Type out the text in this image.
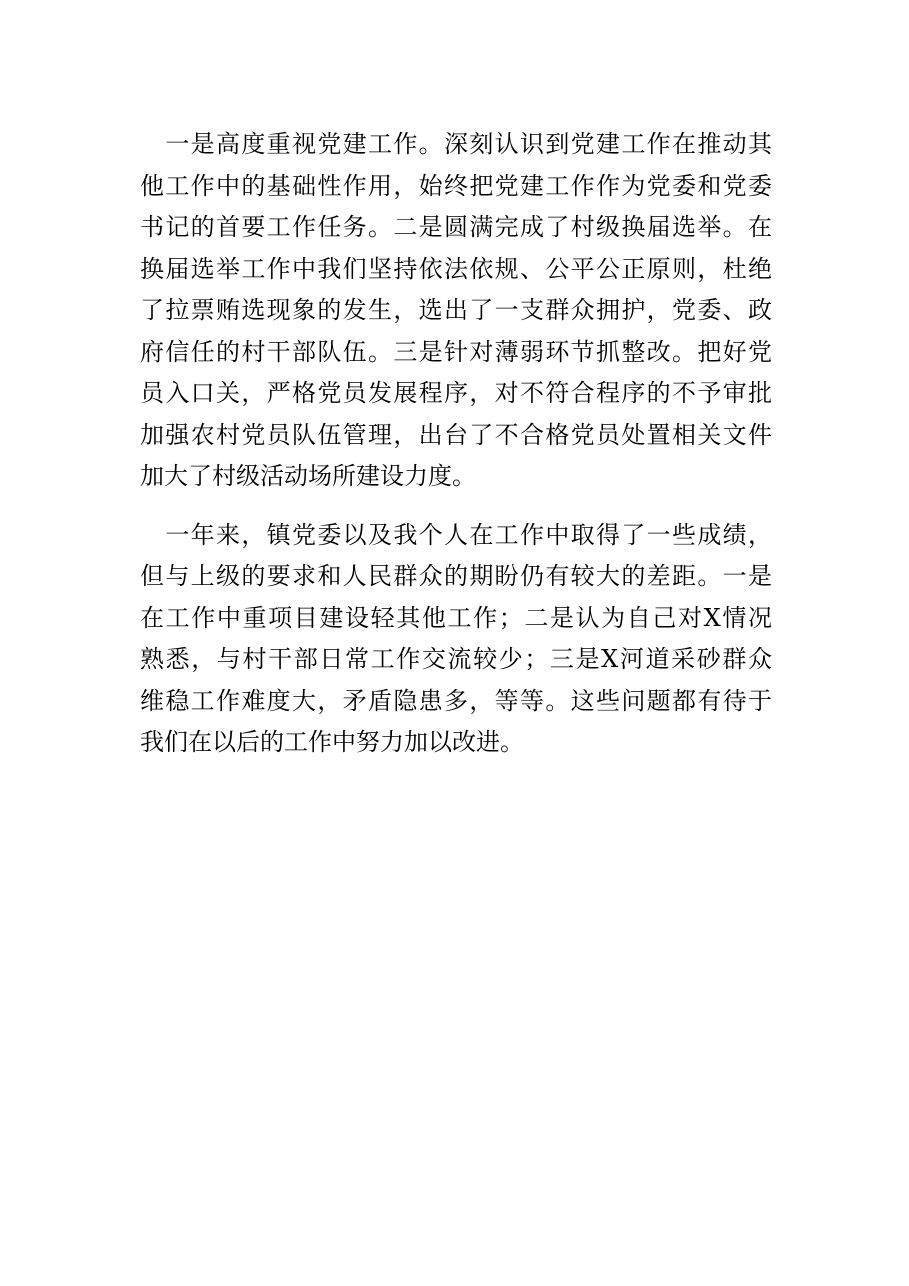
　一是高度重视党建工作。深刻认识到党建工作在推动其
他工作中的基础性作用，始终把党建工作作为党委和党委
书记的首要工作任务。二是圆满完成了村级换届选举。在
换届选举工作中我们坚持依法依规、公平公正原则，杜绝
了拉票贿选现象的发生，选出了一支群众拥护，党委、政
府信任的村干部队伍。三是针对薄弱环节抓整改。把好党
员入口关，严格党员发展程序，对不符合程序的不予审批
加强农村党员队伍管理，出台了不合格党员处置相关文件
加大了村级活动场所建设力度。
　一年来，镇党委以及我个人在工作中取得了一些成绩，
但与上级的要求和人民群众的期盼仍有较大的差距。一是
在工作中重项目建设轻其他工作；二是认为自己对X情况
熟悉，与村干部日常工作交流较少；三是X河道采砂群众
维稳工作难度大，矛盾隐患多，等等。这些问题都有待于
我们在以后的工作中努力加以改进。
